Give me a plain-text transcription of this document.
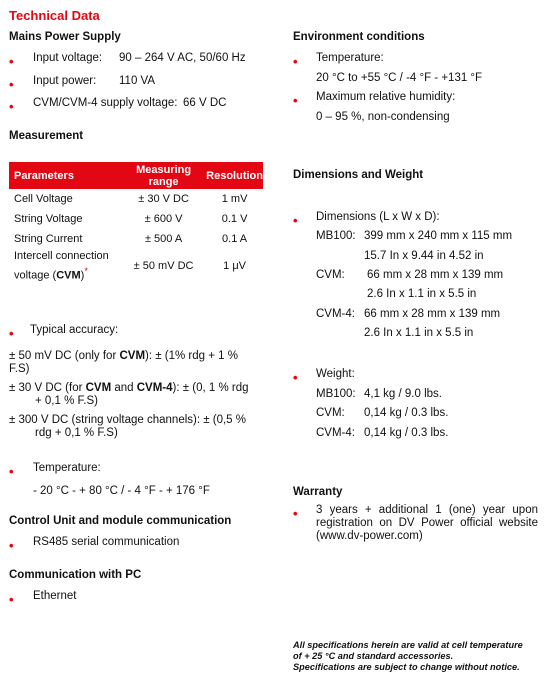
Technical Data
Mains Power Supply
• Input voltage: 90 – 264 V AC, 50/60 Hz
• Input power: 110 VA
• CVM/CVM-4 supply voltage: 66 V DC
Measurement
Parameters	Measuring range	Resolution
Cell Voltage	± 30 V DC	1 mV
String Voltage	± 600 V	0.1 V
String Current	± 500 A	0.1 A
Intercell connection
voltage (CVM)*	± 50 mV DC	1 μV
• Typical accuracy:
± 50 mV DC (only for CVM): ± (1% rdg + 1 %
F.S)
± 30 V DC (for CVM and CVM-4): ± (0, 1 % rdg
+ 0,1 % F.S)
± 300 V DC (string voltage channels): ± (0,5 %
rdg + 0,1 % F.S)
• Temperature:
- 20 °C - + 80 °C / - 4 °F - + 176 °F
Control Unit and module communication
• RS485 serial communication
Communication with PC
• Ethernet
Environment conditions
• Temperature:
20 °C to +55 °C / -4 °F - +131 °F
• Maximum relative humidity:
0 – 95 %, non-condensing
Dimensions and Weight
• Dimensions (L x W x D):
MB100: 399 mm x 240 mm x 115 mm
15.7 In x 9.44 in 4.52 in
CVM: 66 mm x 28 mm x 139 mm
2.6 In x 1.1 in x 5.5 in
CVM-4: 66 mm x 28 mm x 139 mm
2.6 In x 1.1 in x 5.5 in
• Weight:
MB100: 4,1 kg / 9.0 lbs.
CVM: 0,14 kg / 0.3 lbs.
CVM-4: 0,14 kg / 0.3 lbs.
Warranty
• 3 years + additional 1 (one) year upon
registration on DV Power official website
(www.dv-power.com)
All specifications herein are valid at cell temperature
of + 25 °C and standard accessories.
Specifications are subject to change without notice.
